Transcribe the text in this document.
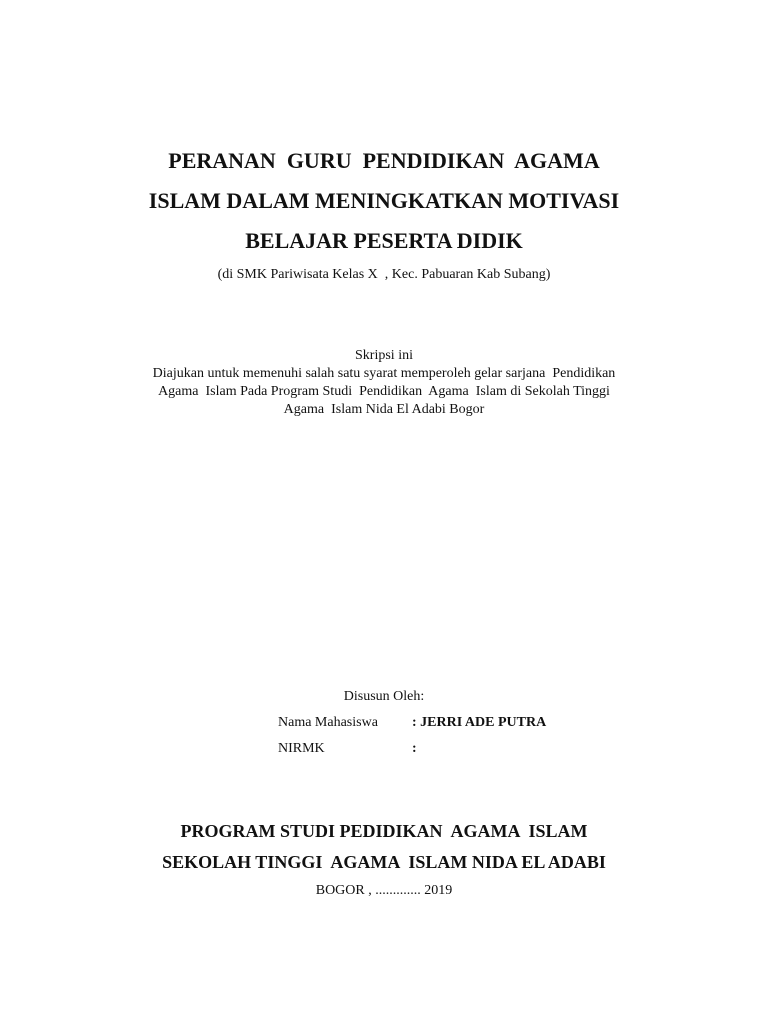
PERANAN  GURU  PENDIDIKAN  AGAMA
ISLAM DALAM MENINGKATKAN MOTIVASI
BELAJAR PESERTA DIDIK
(di SMK Pariwisata Kelas X  , Kec. Pabuaran Kab Subang)
Skripsi ini
Diajukan untuk memenuhi salah satu syarat memperoleh gelar sarjana  Pendidikan
Agama  Islam Pada Program Studi  Pendidikan  Agama  Islam di Sekolah Tinggi
Agama  Islam Nida El Adabi Bogor
Disusun Oleh:
Nama Mahasiswa : JERRI ADE PUTRA
NIRMK	:
PROGRAM STUDI PEDIDIKAN  AGAMA  ISLAM
SEKOLAH TINGGI  AGAMA  ISLAM NIDA EL ADABI
BOGOR , ............. 2019
